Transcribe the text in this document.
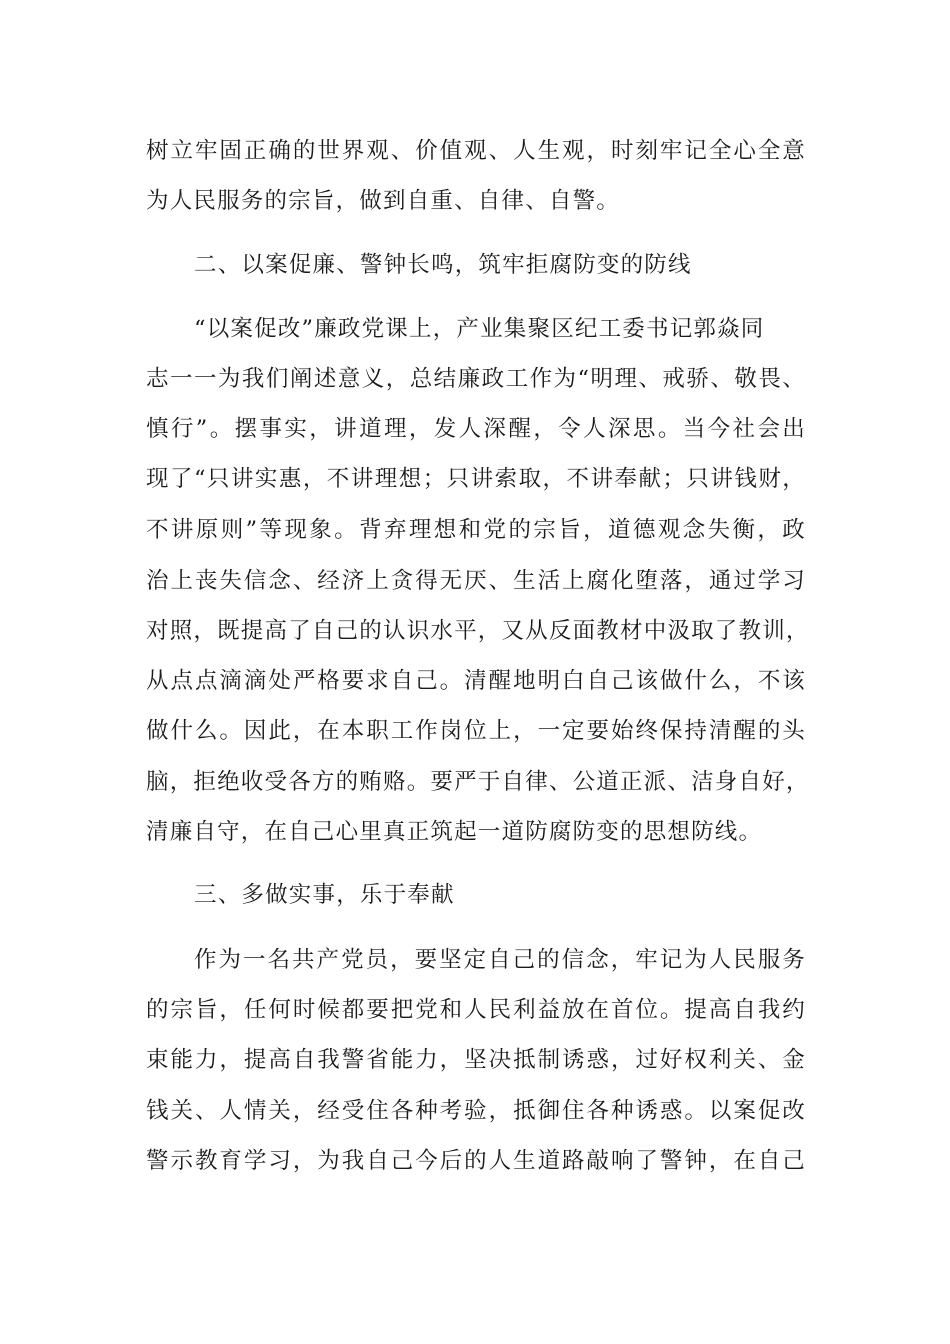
树立牢固正确的世界观、价值观、人生观，时刻牢记全心全意
为人民服务的宗旨，做到自重、自律、自警。
二、以案促廉、警钟长鸣，筑牢拒腐防变的防线
“以案促改”廉政党课上，产业集聚区纪工委书记郭焱同
志一一为我们阐述意义，总结廉政工作为“明理、戒骄、敬畏、
慎行”。摆事实，讲道理，发人深醒，令人深思。当今社会出
现了“只讲实惠，不讲理想；只讲索取，不讲奉献；只讲钱财，
不讲原则”等现象。背弃理想和党的宗旨，道德观念失衡，政
治上丧失信念、经济上贪得无厌、生活上腐化堕落，通过学习
对照，既提高了自己的认识水平，又从反面教材中汲取了教训，
从点点滴滴处严格要求自己。清醒地明白自己该做什么，不该
做什么。因此，在本职工作岗位上，一定要始终保持清醒的头
脑，拒绝收受各方的贿赂。要严于自律、公道正派、洁身自好，
清廉自守，在自己心里真正筑起一道防腐防变的思想防线。
三、多做实事，乐于奉献
作为一名共产党员，要坚定自己的信念，牢记为人民服务
的宗旨，任何时候都要把党和人民利益放在首位。提高自我约
束能力，提高自我警省能力，坚决抵制诱惑，过好权利关、金
钱关、人情关，经受住各种考验，抵御住各种诱惑。以案促改
警示教育学习，为我自己今后的人生道路敲响了警钟，在自己
